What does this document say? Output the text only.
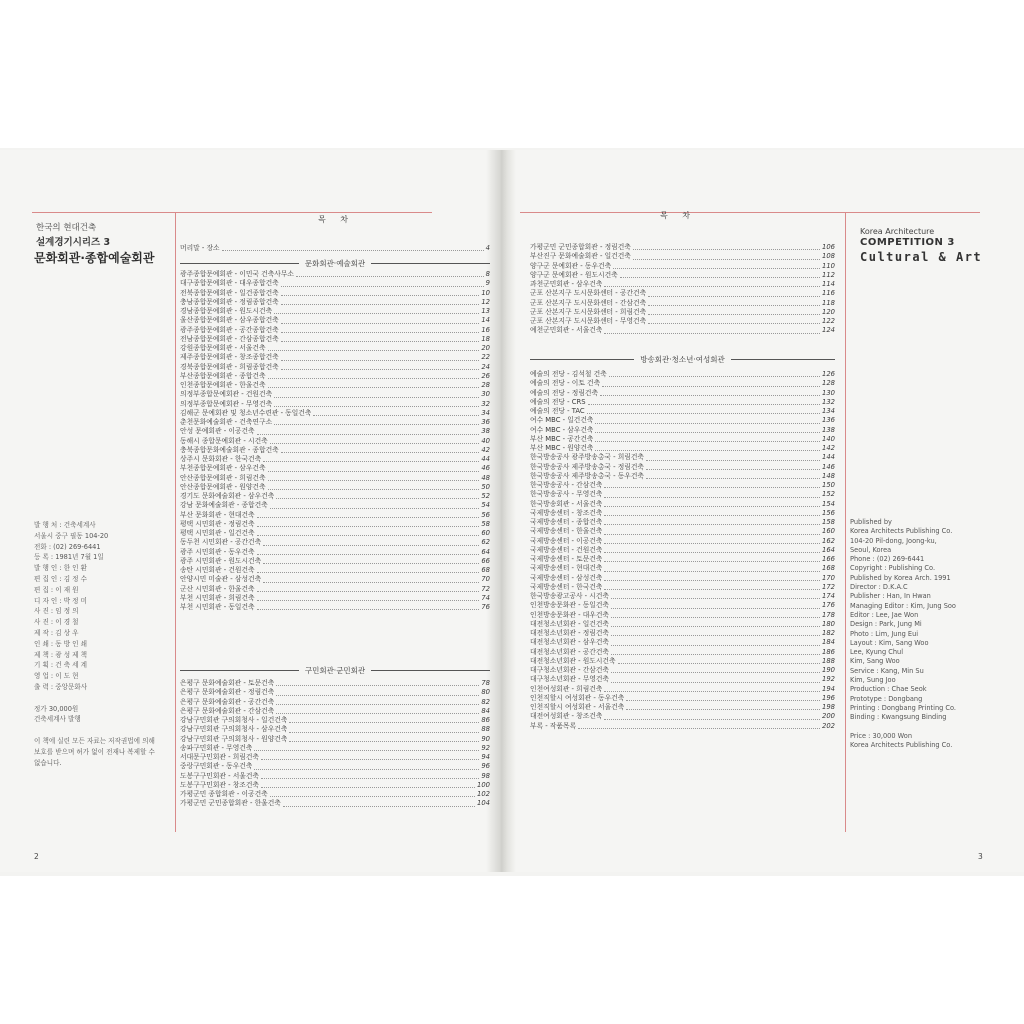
한국의 현대건축
설계경기시리즈 3
문화회관·종합예술회관
목 차
머리말 - 장소	4
문화회관·예술회관
광주종합문예회관 - 이민국 건축사무소	8
대구종합문예회관 - 대우종합건축	9
전북종합문예회관 - 일건종합건축	10
충남종합문예회관 - 정림종합건축	12
경남종합문예회관 - 원도시건축	13
울산종합문예회관 - 삼우종합건축	14
광주종합문예회관 - 공간종합건축	16
전남종합문예회관 - 간삼종합건축	18
강원종합문예회관 - 서울건축	20
제주종합문예회관 - 창조종합건축	22
경북종합문예회관 - 희림종합건축	24
부산종합문예회관 - 종합건축	26
인천종합문예회관 - 한울건축	28
의정부종합문예회관 - 건원건축	30
의정부종합문예회관 - 무영건축	32
김해군 문예회관 및 청소년수련관 - 동일건축	34
춘천문화예술회관 - 건축연구소	36
안성 문예회관 - 이공건축	38
동해시 종합문예회관 - 시건축	40
충북종합문화예술회관 - 종합건축	42
상주시 문화회관 - 한국건축	44
부천종합문예회관 - 삼우건축	46
안산종합문예회관 - 희림건축	48
안산종합문예회관 - 원양건축	50
경기도 문화예술회관 - 삼우건축	52
강남 문화예술회관 - 종합건축	54
부산 문화회관 - 현대건축	56
평택 시민회관 - 정림건축	58
평택 시민회관 - 일건건축	60
동두천 시민회관 - 공간건축	62
광주 시민회관 - 동우건축	64
광주 시민회관 - 원도시건축	66
송탄 시민회관 - 건원건축	68
안양시민 미술관 - 삼성건축	70
군산 시민회관 - 한울건축	72
부천 시민회관 - 희림건축	74
부천 시민회관 - 동일건축	76
구민회관·군민회관
은평구 문화예술회관 - 토문건축	78
은평구 문화예술회관 - 정림건축	80
은평구 문화예술회관 - 공간건축	82
은평구 문화예술회관 - 간삼건축	84
강남구민회관 구의회청사 - 일건건축	86
강남구민회관 구의회청사 - 삼우건축	88
강남구민회관 구의회청사 - 원양건축	90
송파구민회관 - 무영건축	92
서대문구민회관 - 희림건축	94
중랑구민회관 - 동우건축	96
도봉구구민회관 - 서울건축	98
도봉구구민회관 - 창조건축	100
가평군민 종합회관 - 이공건축	102
가평군민 군민종합회관 - 한울건축	104
목 차
가평군민 군민종합회관 - 정림건축	106
부산진구 문화예술회관 - 일건건축	108
양구군 문예회관 - 동우건축	110
양구군 문예회관 - 원도시건축	112
과천군민회관 - 삼우건축	114
군포 산본지구 도시문화센터 - 공간건축	116
군포 산본지구 도시문화센터 - 간삼건축	118
군포 산본지구 도시문화센터 - 희림건축	120
군포 산본지구 도시문화센터 - 무영건축	122
예천군민회관 - 서울건축	124
방송회관·청소년·여성회관
예술의 전당 - 김석철 건축	126
예술의 전당 - 이토 건축	128
예술의 전당 - 정림건축	130
예술의 전당 - CRS	132
예술의 전당 - TAC	134
여수 MBC - 일건건축	136
여수 MBC - 삼우건축	138
부산 MBC - 공간건축	140
부산 MBC - 원양건축	142
한국방송공사 광주방송총국 - 희림건축	144
한국방송공사 제주방송총국 - 정림건축	146
한국방송공사 제주방송총국 - 동우건축	148
한국방송공사 - 간삼건축	150
한국방송공사 - 무영건축	152
한국방송회관 - 서울건축	154
국제방송센터 - 창조건축	156
국제방송센터 - 종합건축	158
국제방송센터 - 한울건축	160
국제방송센터 - 이공건축	162
국제방송센터 - 건원건축	164
국제방송센터 - 토문건축	166
국제방송센터 - 현대건축	168
국제방송센터 - 삼성건축	170
국제방송센터 - 한국건축	172
한국방송광고공사 - 시건축	174
인천방송문화관 - 동일건축	176
인천방송문화관 - 대우건축	178
대전청소년회관 - 일건건축	180
대전청소년회관 - 정림건축	182
대전청소년회관 - 삼우건축	184
대전청소년회관 - 공간건축	186
대전청소년회관 - 원도시건축	188
대구청소년회관 - 간삼건축	190
대구청소년회관 - 무영건축	192
인천여성회관 - 희림건축	194
인천직할시 여성회관 - 동우건축	196
인천직할시 여성회관 - 서울건축	198
대전여성회관 - 창조건축	200
부록 - 작품목록	202
Korea Architecture
COMPETITION 3
Cultural & Art
발 행 처 : 건축세계사
서울시 중구 필동 104-20
전화 : (02) 269-6441
등 록 : 1981년 7월 1일
발 행 인 : 한 인 환
편 집 인 : 김 정 수
편 집 : 이 재 원
디 자 인 : 박 정 미
사 진 : 임 정 의
사 진 : 이 경 철
제 작 : 김 상 우
인 쇄 : 동 방 인 쇄
제 책 : 광 성 제 책
기 획 : 건 축 세 계
영 업 : 이 도 현
출 력 : 중앙문화사

정가 30,000원
건축세계사 발행

이 책에 실린 모든 자료는 저작권법에 의해
보호를 받으며 허가 없이 전재나 복제할 수
없습니다.
Published by
Korea Architects Publishing Co.
104-20 Pil-dong, Joong-ku,
Seoul, Korea
Phone : (02) 269-6441
Copyright : Publishing Co.
Published by Korea Arch. 1991
Director : D.K.A.C
Publisher : Han, In Hwan
Managing Editor : Kim, Jung Soo
Editor : Lee, Jae Won
Design : Park, Jung Mi
Photo : Lim, Jung Eui
Layout : Kim, Sang Woo
Lee, Kyung Chul
Kim, Sang Woo
Service : Kang, Min Su
Kim, Sung Joo
Production : Chae Seok
Prototype : Dongbang
Printing : Dongbang Printing Co.
Binding : Kwangsung Binding

Price : 30,000 Won
Korea Architects Publishing Co.
2	3
